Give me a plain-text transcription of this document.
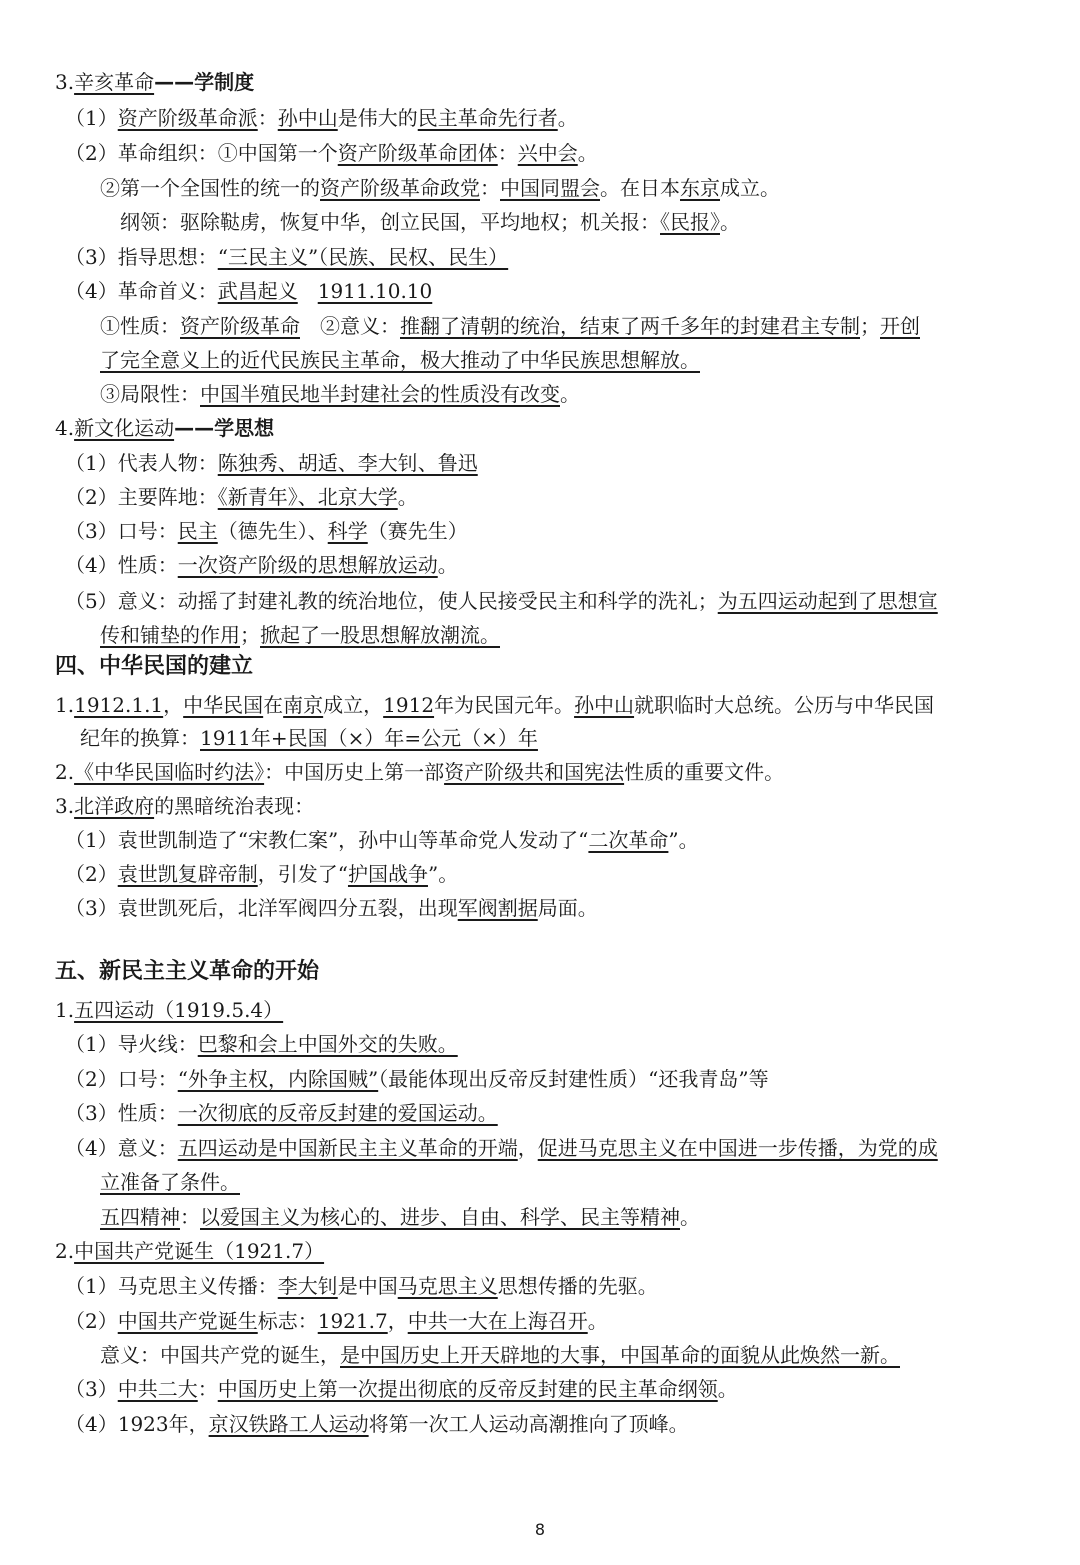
3.辛亥革命——学制度
（1）资产阶级革命派：孙中山是伟大的民主革命先行者。
（2）革命组织：①中国第一个资产阶级革命团体：兴中会。
②第一个全国性的统一的资产阶级革命政党：中国同盟会。在日本东京成立。
纲领：驱除鞑虏，恢复中华，创立民国，平均地权；机关报：《民报》。
（3）指导思想：“三民主义”（民族、民权、民生）
（4）革命首义：武昌起义　 1911.10.10
①性质：资产阶级革命　②意义：推翻了清朝的统治，结束了两千多年的封建君主专制；开创
了完全意义上的近代民族民主革命，极大推动了中华民族思想解放。
③局限性：中国半殖民地半封建社会的性质没有改变。
4.新文化运动——学思想
（1）代表人物：陈独秀、胡适、李大钊、鲁迅
（2）主要阵地：《新青年》、北京大学。
（3）口号：民主（德先生）、科学（赛先生）
（4）性质：一次资产阶级的思想解放运动。
（5）意义：动摇了封建礼教的统治地位，使人民接受民主和科学的洗礼；为五四运动起到了思想宣
传和铺垫的作用；掀起了一股思想解放潮流。
四、中华民国的建立
1.1912.1.1，中华民国在南京成立，1912年为民国元年。孙中山就职临时大总统。公历与中华民国
纪年的换算：1911年+民国（×）年=公元（×）年
2.《中华民国临时约法》：中国历史上第一部资产阶级共和国宪法性质的重要文件。
3.北洋政府的黑暗统治表现：
（1）袁世凯制造了“宋教仁案”，孙中山等革命党人发动了“二次革命”。
（2）袁世凯复辟帝制，引发了“护国战争”。
（3）袁世凯死后，北洋军阀四分五裂，出现军阀割据局面。
五、新民主主义革命的开始
1.五四运动（1919.5.4）
（1）导火线：巴黎和会上中国外交的失败。
（2）口号：“外争主权，内除国贼”（最能体现出反帝反封建性质）“还我青岛”等
（3）性质：一次彻底的反帝反封建的爱国运动。
（4）意义：五四运动是中国新民主主义革命的开端，促进马克思主义在中国进一步传播，为党的成
立准备了条件。
五四精神：以爱国主义为核心的、进步、自由、科学、民主等精神。
2.中国共产党诞生（1921.7）
（1）马克思主义传播：李大钊是中国马克思主义思想传播的先驱。
（2）中国共产党诞生标志：1921.7，中共一大在上海召开。
意义：中国共产党的诞生，是中国历史上开天辟地的大事，中国革命的面貌从此焕然一新。
（3）中共二大：中国历史上第一次提出彻底的反帝反封建的民主革命纲领。
（4）1923年，京汉铁路工人运动将第一次工人运动高潮推向了顶峰。
8
